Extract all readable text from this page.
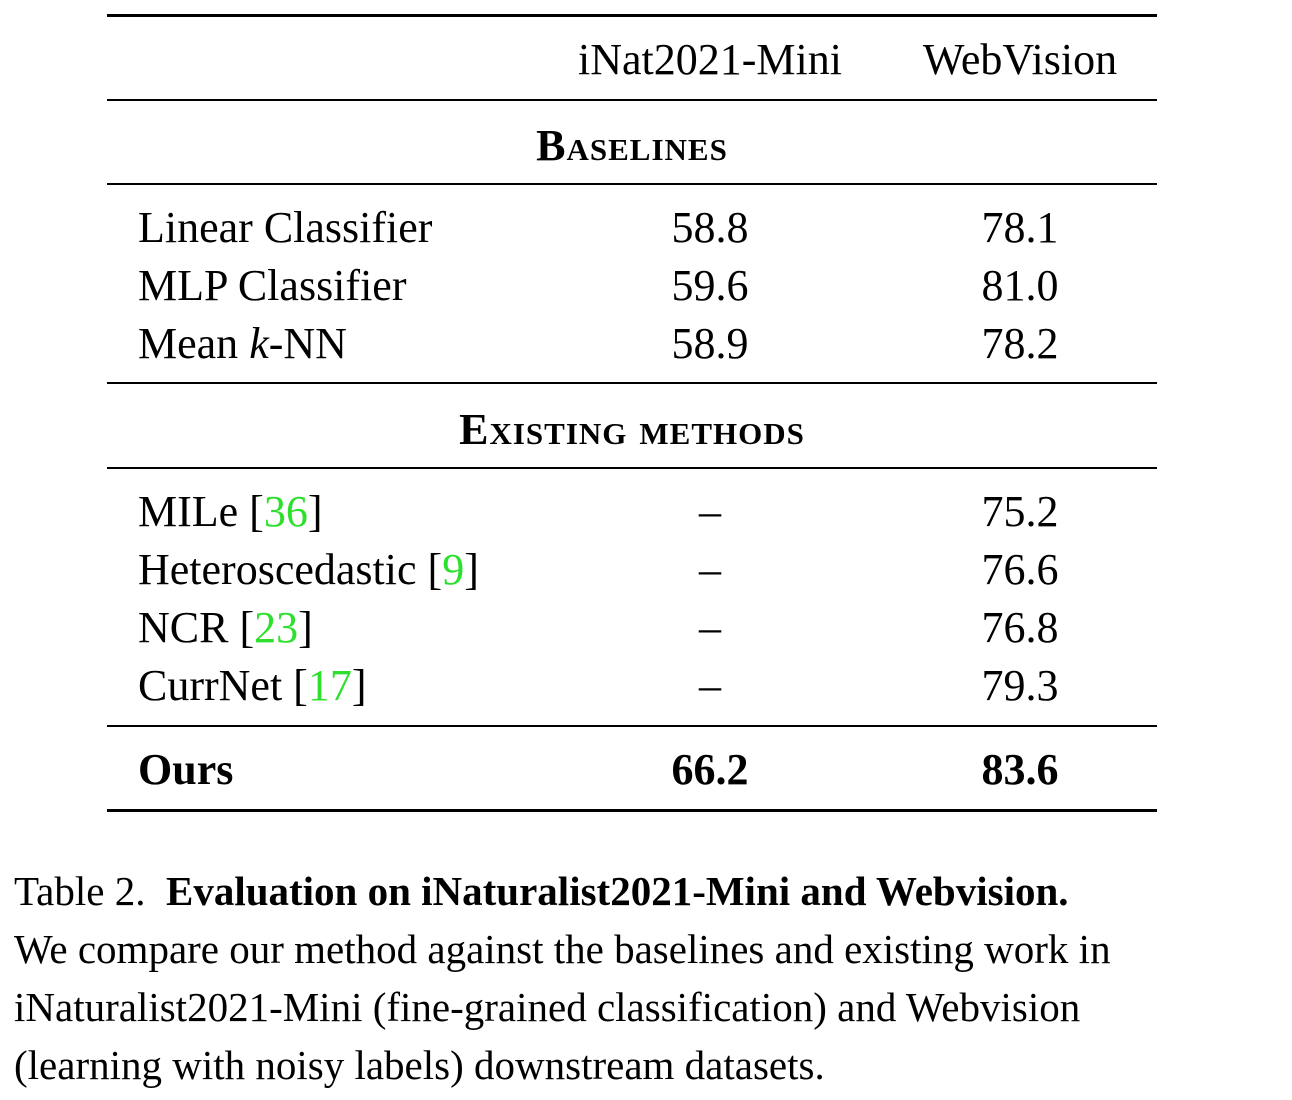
iNat2021-Mini WebVision
Baselines
Linear Classifier	58.8	78.1
MLP Classifier	59.6	81.0
Mean k-NN	58.9	78.2
Existing methods
MILe [36]	–	75.2
Heteroscedastic [9]	–	76.6
NCR [23]	–	76.8
CurrNet [17]	–	79.3
Ours	66.2	83.6
Table 2. Evaluation on iNaturalist2021-Mini and Webvision.
We compare our method against the baselines and existing work in
iNaturalist2021-Mini (fine-grained classification) and Webvision
(learning with noisy labels) downstream datasets.
